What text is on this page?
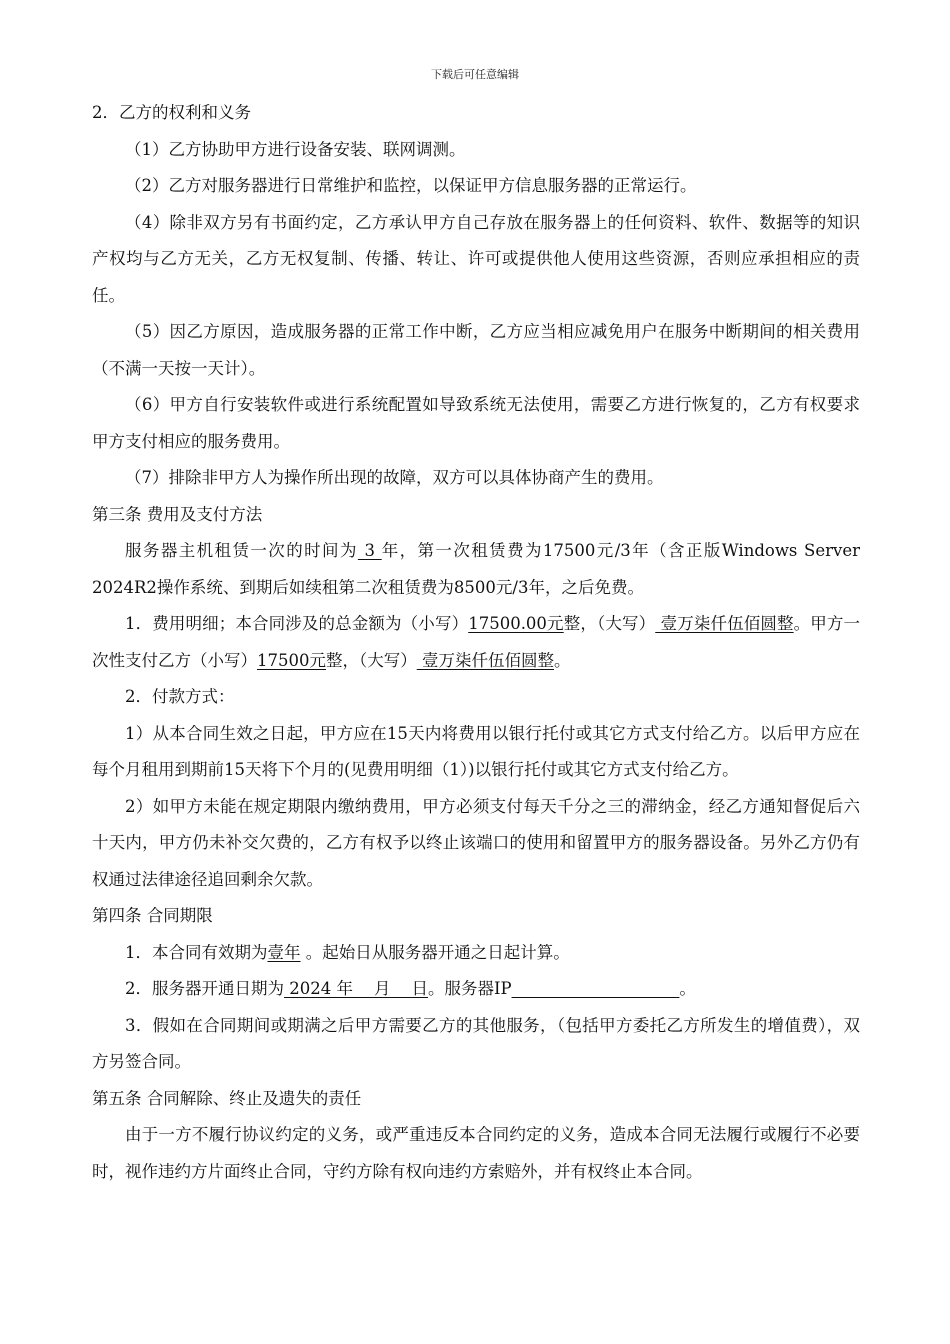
下载后可任意编辑

2．乙方的权利和义务

（1）乙方协助甲方进行设备安装、联网调测。

（2）乙方对服务器进行日常维护和监控，以保证甲方信息服务器的正常运行。

（4）除非双方另有书面约定，乙方承认甲方自己存放在服务器上的任何资料、软件、数据等的知识产权均与乙方无关，乙方无权复制、传播、转让、许可或提供他人使用这些资源，否则应承担相应的责任。

（5）因乙方原因，造成服务器的正常工作中断，乙方应当相应减免用户在服务中断期间的相关费用（不满一天按一天计）。

（6）甲方自行安装软件或进行系统配置如导致系统无法使用，需要乙方进行恢复的，乙方有权要求甲方支付相应的服务费用。

（7）排除非甲方人为操作所出现的故障，双方可以具体协商产生的费用。

第三条 费用及支付方法

服务器主机租赁一次的时间为 3 年，第一次租赁费为17500元/3年（含正版Windows Server 2024R2操作系统、到期后如续租第二次租赁费为8500元/3年，之后免费。

1．费用明细；本合同涉及的总金额为（小写）17500.00元整，（大写） 壹万柒仟伍佰圆整。甲方一次性支付乙方（小写）17500元整，（大写） 壹万柒仟伍佰圆整。

2．付款方式：

1）从本合同生效之日起，甲方应在15天内将费用以银行托付或其它方式支付给乙方。以后甲方应在每个月租用到期前15天将下个月的(见费用明细（1）)以银行托付或其它方式支付给乙方。

2）如甲方未能在规定期限内缴纳费用，甲方必须支付每天千分之三的滞纳金，经乙方通知督促后六十天内，甲方仍未补交欠费的，乙方有权予以终止该端口的使用和留置甲方的服务器设备。另外乙方仍有权通过法律途径追回剩余欠款。

第四条 合同期限

1．本合同有效期为壹年 。起始日从服务器开通之日起计算。

2．服务器开通日期为 2024 年    月 日。服务器IP	。

3．假如在合同期间或期满之后甲方需要乙方的其他服务，（包括甲方委托乙方所发生的增值费），双方另签合同。

第五条 合同解除、终止及遗失的责任

由于一方不履行协议约定的义务，或严重违反本合同约定的义务，造成本合同无法履行或履行不必要时，视作违约方片面终止合同，守约方除有权向违约方索赔外，并有权终止本合同。
